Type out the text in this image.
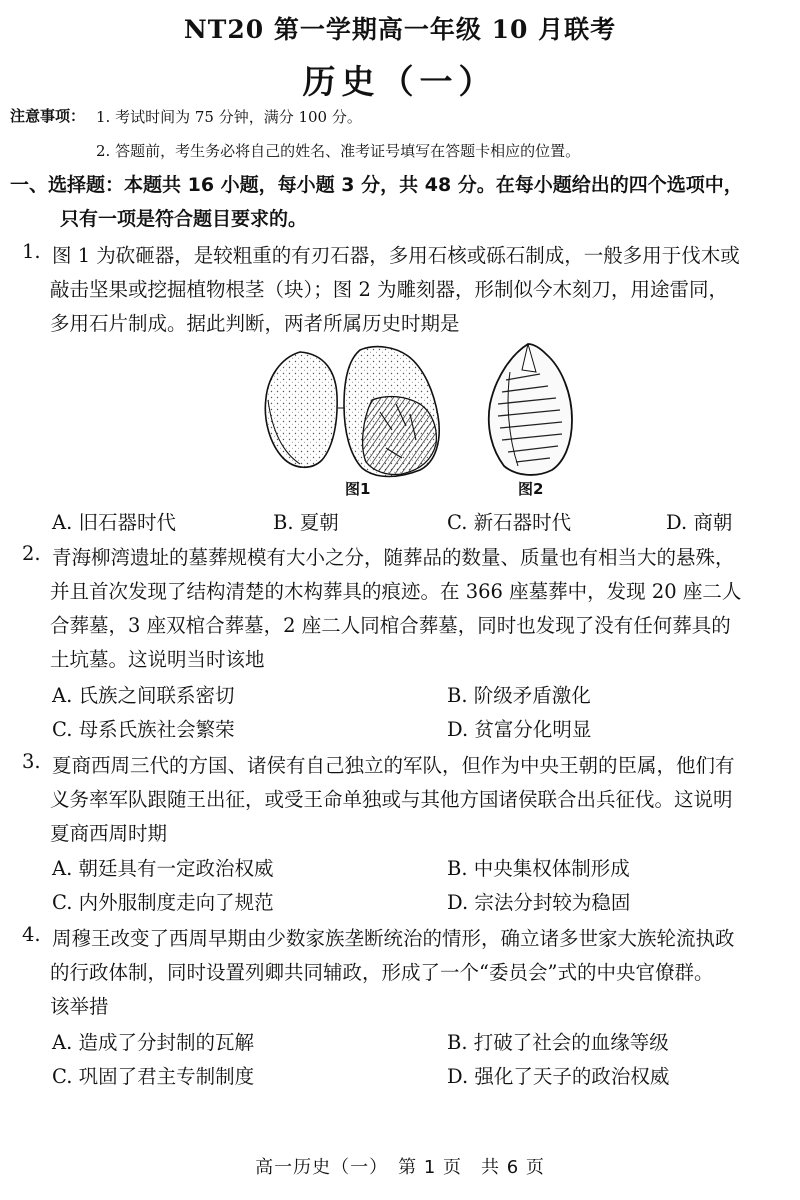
NT20 第一学期高一年级 10 月联考
历史（一）
注意事项： 1. 考试时间为 75 分钟，满分 100 分。
2. 答题前，考生务必将自己的姓名、准考证号填写在答题卡相应的位置。
一、选择题：本题共 16 小题，每小题 3 分，共 48 分。在每小题给出的四个选项中，
只有一项是符合题目要求的。
1. 图 1 为砍砸器，是较粗重的有刃石器，多用石核或砾石制成，一般多用于伐木或
敲击坚果或挖掘植物根茎（块）；图 2 为雕刻器，形制似今木刻刀，用途雷同，
多用石片制成。据此判断，两者所属历史时期是
图1	图2
A. 旧石器时代	B. 夏朝	C. 新石器时代	D. 商朝
2. 青海柳湾遗址的墓葬规模有大小之分，随葬品的数量、质量也有相当大的悬殊，
并且首次发现了结构清楚的木构葬具的痕迹。在 366 座墓葬中，发现 20 座二人
合葬墓，3 座双棺合葬墓，2 座二人同棺合葬墓，同时也发现了没有任何葬具的
土坑墓。这说明当时该地
A. 氏族之间联系密切	B. 阶级矛盾激化
C. 母系氏族社会繁荣	D. 贫富分化明显
3. 夏商西周三代的方国、诸侯有自己独立的军队，但作为中央王朝的臣属，他们有
义务率军队跟随王出征，或受王命单独或与其他方国诸侯联合出兵征伐。这说明
夏商西周时期
A. 朝廷具有一定政治权威	B. 中央集权体制形成
C. 内外服制度走向了规范	D. 宗法分封较为稳固
4. 周穆王改变了西周早期由少数家族垄断统治的情形，确立诸多世家大族轮流执政
的行政体制，同时设置列卿共同辅政，形成了一个“委员会”式的中央官僚群。
该举措
A. 造成了分封制的瓦解	B. 打破了社会的血缘等级
C. 巩固了君主专制制度	D. 强化了天子的政治权威
高一历史（一）　第 1 页　共 6 页
